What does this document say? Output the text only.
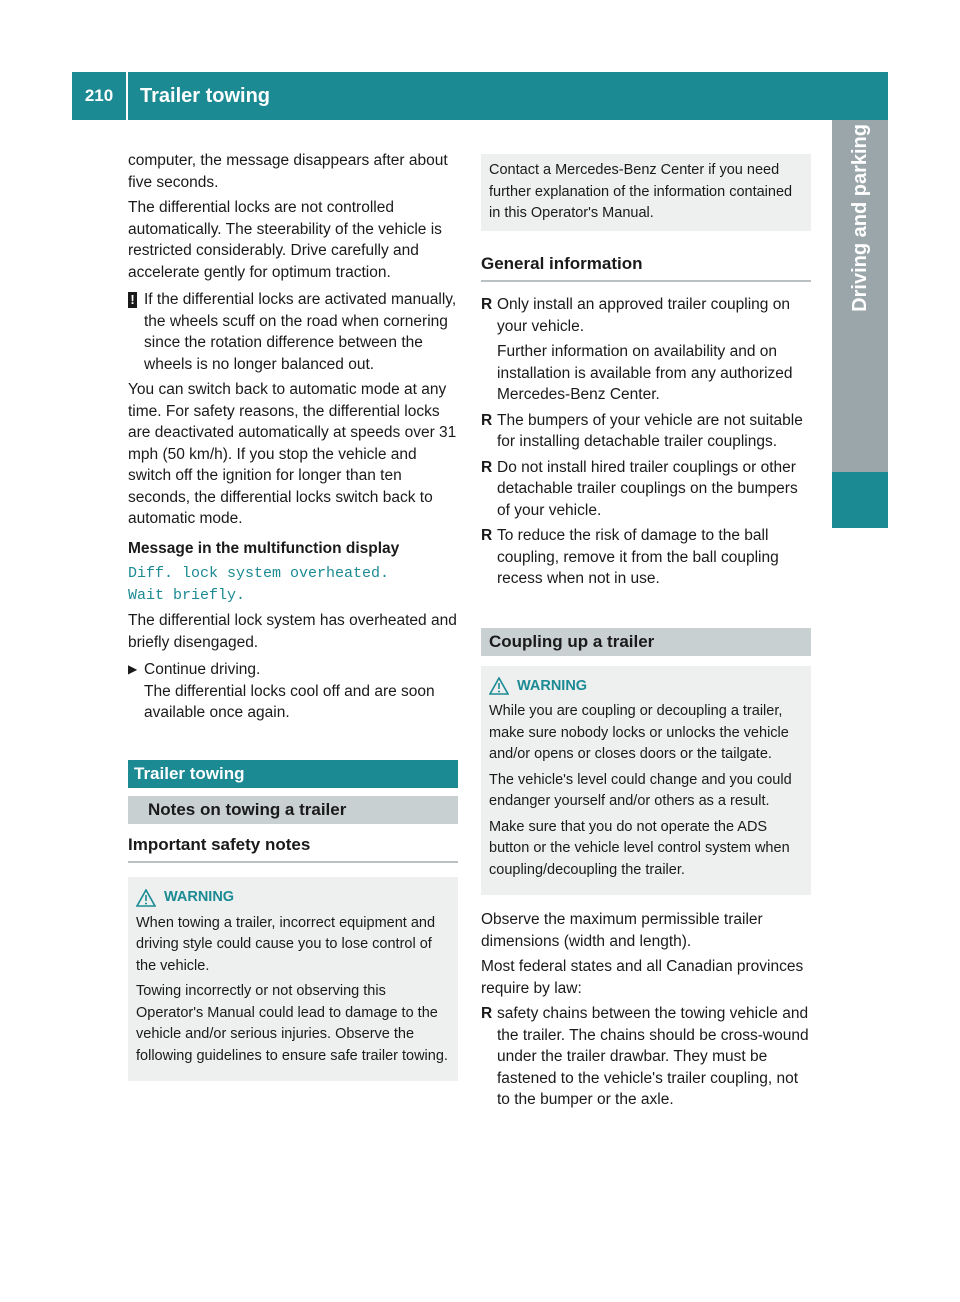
210	Trailer towing
Driving and parking

computer, the message disappears after about five seconds.

The differential locks are not controlled automatically. The steerability of the vehicle is restricted considerably. Drive carefully and accelerate gently for optimum traction.

! If the differential locks are activated manually, the wheels scuff on the road when cornering since the rotation difference between the wheels is no longer balanced out.

You can switch back to automatic mode at any time. For safety reasons, the differential locks are deactivated automatically at speeds over 31 mph (50 km/h). If you stop the vehicle and switch off the ignition for longer than ten seconds, the differential locks switch back to automatic mode.

Message in the multifunction display
Diff. lock system overheated.
Wait briefly.

The differential lock system has overheated and briefly disengaged.

▶ Continue driving.
The differential locks cool off and are soon available once again.
Trailer towing
Notes on towing a trailer
Important safety notes
WARNING

When towing a trailer, incorrect equipment and driving style could cause you to lose control of the vehicle.

Towing incorrectly or not observing this Operator's Manual could lead to damage to the vehicle and/or serious injuries. Observe the following guidelines to ensure safe trailer towing.

Contact a Mercedes-Benz Center if you need further explanation of the information contained in this Operator's Manual.
General information
R Only install an approved trailer coupling on your vehicle.
Further information on availability and on installation is available from any authorized Mercedes-Benz Center.
R The bumpers of your vehicle are not suitable for installing detachable trailer couplings.
R Do not install hired trailer couplings or other detachable trailer couplings on the bumpers of your vehicle.
R To reduce the risk of damage to the ball coupling, remove it from the ball coupling recess when not in use.
Coupling up a trailer
WARNING

While you are coupling or decoupling a trailer, make sure nobody locks or unlocks the vehicle and/or opens or closes doors or the tailgate.

The vehicle's level could change and you could endanger yourself and/or others as a result.

Make sure that you do not operate the ADS button or the vehicle level control system when coupling/decoupling the trailer.

Observe the maximum permissible trailer dimensions (width and length).

Most federal states and all Canadian provinces require by law:

R safety chains between the towing vehicle and the trailer. The chains should be cross-wound under the trailer drawbar. They must be fastened to the vehicle's trailer coupling, not to the bumper or the axle.
